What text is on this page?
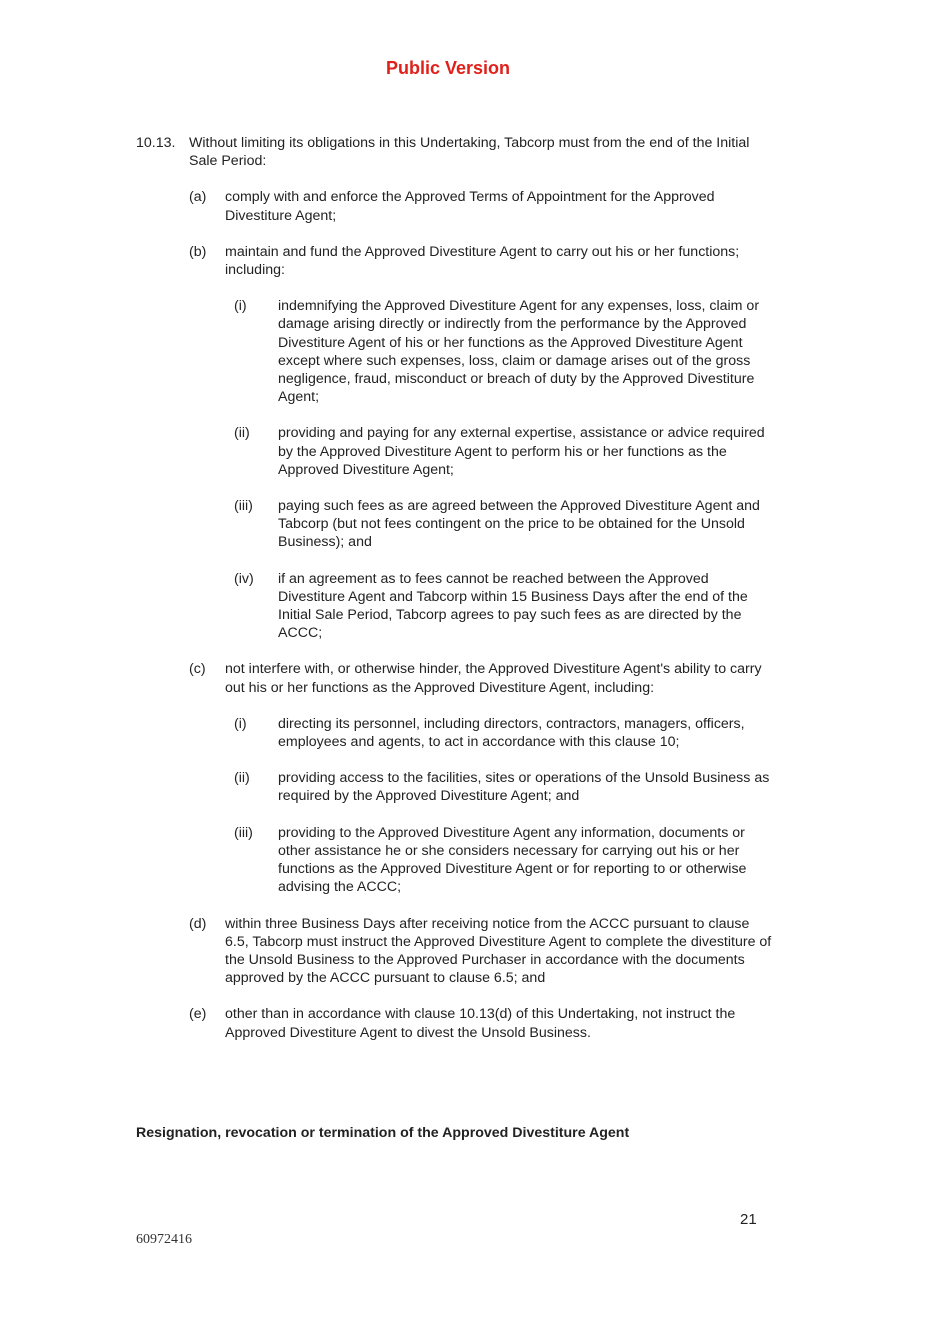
Public Version
10.13. Without limiting its obligations in this Undertaking, Tabcorp must from the end of the Initial Sale Period:
(a)	comply with and enforce the Approved Terms of Appointment for the Approved Divestiture Agent;
(b)	maintain and fund the Approved Divestiture Agent to carry out his or her functions; including:
(i)	indemnifying the Approved Divestiture Agent for any expenses, loss, claim or damage arising directly or indirectly from the performance by the Approved Divestiture Agent of his or her functions as the Approved Divestiture Agent except where such expenses, loss, claim or damage arises out of the gross negligence, fraud, misconduct or breach of duty by the Approved Divestiture Agent;
(ii)	providing and paying for any external expertise, assistance or advice required by the Approved Divestiture Agent to perform his or her functions as the Approved Divestiture Agent;
(iii)	paying such fees as are agreed between the Approved Divestiture Agent and Tabcorp (but not fees contingent on the price to be obtained for the Unsold Business); and
(iv)	if an agreement as to fees cannot be reached between the Approved Divestiture Agent and Tabcorp within 15 Business Days after the end of the Initial Sale Period, Tabcorp agrees to pay such fees as are directed by the ACCC;
(c)	not interfere with, or otherwise hinder, the Approved Divestiture Agent's ability to carry out his or her functions as the Approved Divestiture Agent, including:
(i)	directing its personnel, including directors, contractors, managers, officers, employees and agents, to act in accordance with this clause 10;
(ii)	providing access to the facilities, sites or operations of the Unsold Business as required by the Approved Divestiture Agent; and
(iii)	providing to the Approved Divestiture Agent any information, documents or other assistance he or she considers necessary for carrying out his or her functions as the Approved Divestiture Agent or for reporting to or otherwise advising the ACCC;
(d)	within three Business Days after receiving notice from the ACCC pursuant to clause 6.5, Tabcorp must instruct the Approved Divestiture Agent to complete the divestiture of the Unsold Business to the Approved Purchaser in accordance with the documents approved by the ACCC pursuant to clause 6.5; and
(e)	other than in accordance with clause 10.13(d) of this Undertaking, not instruct the Approved Divestiture Agent to divest the Unsold Business.
Resignation, revocation or termination of the Approved Divestiture Agent
21
60972416
